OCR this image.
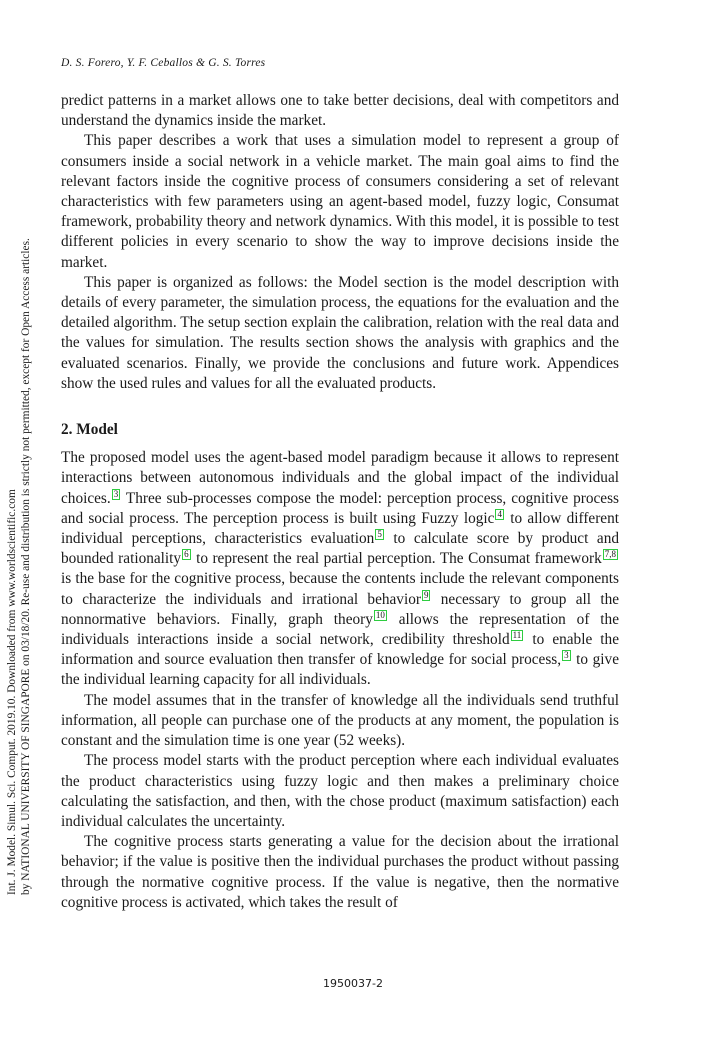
D. S. Forero, Y. F. Ceballos & G. S. Torres
Int. J. Model. Simul. Sci. Comput. 2019.10. Downloaded from www.worldscientific.com by NATIONAL UNIVERSITY OF SINGAPORE on 03/18/20. Re-use and distribution is strictly not permitted, except for Open Access articles.

predict patterns in a market allows one to take better decisions, deal with competitors and understand the dynamics inside the market.

This paper describes a work that uses a simulation model to represent a group of consumers inside a social network in a vehicle market. The main goal aims to find the relevant factors inside the cognitive process of consumers considering a set of relevant characteristics with few parameters using an agent-based model, fuzzy logic, Consumat framework, probability theory and network dynamics. With this model, it is possible to test different policies in every scenario to show the way to improve decisions inside the market.

This paper is organized as follows: the Model section is the model description with details of every parameter, the simulation process, the equations for the evaluation and the detailed algorithm. The setup section explain the calibration, relation with the real data and the values for simulation. The results section shows the analysis with graphics and the evaluated scenarios. Finally, we provide the conclusions and future work. Appendices show the used rules and values for all the evaluated products.

2. Model

The proposed model uses the agent-based model paradigm because it allows to represent interactions between autonomous individuals and the global impact of the individual choices. 3 Three sub-processes compose the model: perception process, cognitive process and social process. The perception process is built using Fuzzy logic 4 to allow different individual perceptions, characteristics evaluation 5 to calculate score by product and bounded rationality 6 to represent the real partial perception. The Consumat framework 7,8 is the base for the cognitive process, because the contents include the relevant components to characterize the individuals and irrational behavior 9 necessary to group all the nonnormative behaviors. Finally, graph theory 10 allows the representation of the individuals interactions inside a social network, credibility threshold 11 to enable the information and source evaluation then transfer of knowledge for social process, 3 to give the individual learning capacity for all individuals.

The model assumes that in the transfer of knowledge all the individuals send truthful information, all people can purchase one of the products at any moment, the population is constant and the simulation time is one year (52 weeks).

The process model starts with the product perception where each individual evaluates the product characteristics using fuzzy logic and then makes a preliminary choice calculating the satisfaction, and then, with the chose product (maximum satisfaction) each individual calculates the uncertainty.

The cognitive process starts generating a value for the decision about the irrational behavior; if the value is positive then the individual purchases the product without passing through the normative cognitive process. If the value is negative, then the normative cognitive process is activated, which takes the result of

1950037-2
